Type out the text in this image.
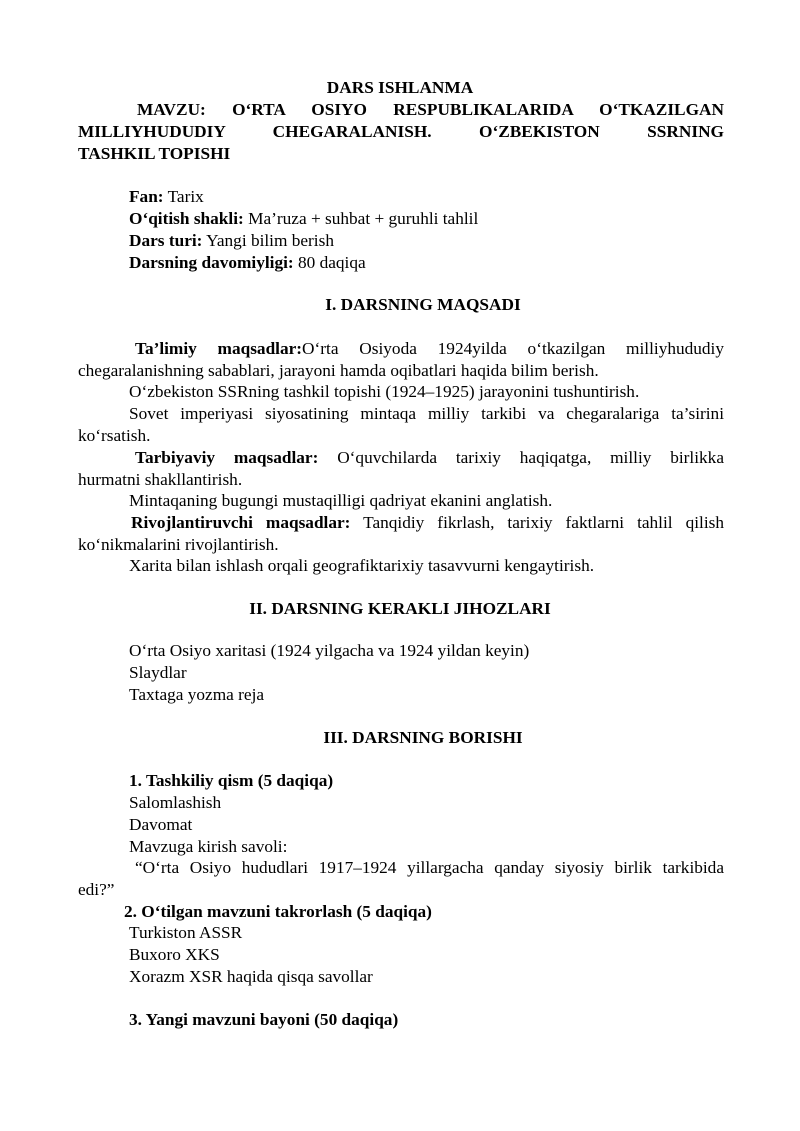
DARS ISHLANMA
MAVZU: O‘RTA OSIYO RESPUBLIKALARIDA O‘TKAZILGAN
MILLIYHUDUDIY CHEGARALANISH. O‘ZBEKISTON SSRNING
TASHKIL TOPISHI
Fan: Tarix
O‘qitish shakli: Ma’ruza + suhbat + guruhli tahlil
Dars turi: Yangi bilim berish
Darsning davomiyligi: 80 daqiqa
I. DARSNING MAQSADI
Ta’limiy maqsadlar:O‘rta Osiyoda 1924yilda o‘tkazilgan milliyhududiy
chegaralanishning sabablari, jarayoni hamda oqibatlari haqida bilim berish.
O‘zbekiston SSRning tashkil topishi (1924–1925) jarayonini tushuntirish.
Sovet imperiyasi siyosatining mintaqa milliy tarkibi va chegaralariga ta’sirini
ko‘rsatish.
Tarbiyaviy maqsadlar: O‘quvchilarda tarixiy haqiqatga, milliy birlikka
hurmatni shakllantirish.
Mintaqaning bugungi mustaqilligi qadriyat ekanini anglatish.
Rivojlantiruvchi maqsadlar: Tanqidiy fikrlash, tarixiy faktlarni tahlil qilish
ko‘nikmalarini rivojlantirish.
Xarita bilan ishlash orqali geografiktarixiy tasavvurni kengaytirish.
II. DARSNING KERAKLI JIHOZLARI
O‘rta Osiyo xaritasi (1924 yilgacha va 1924 yildan keyin)
Slaydlar
Taxtaga yozma reja
III. DARSNING BORISHI
1. Tashkiliy qism (5 daqiqa)
Salomlashish
Davomat
Mavzuga kirish savoli:
“O‘rta Osiyo hududlari 1917–1924 yillargacha qanday siyosiy birlik tarkibida
edi?”
2. O‘tilgan mavzuni takrorlash (5 daqiqa)
Turkiston ASSR
Buxoro XKS
Xorazm XSR haqida qisqa savollar
3. Yangi mavzuni bayoni (50 daqiqa)
